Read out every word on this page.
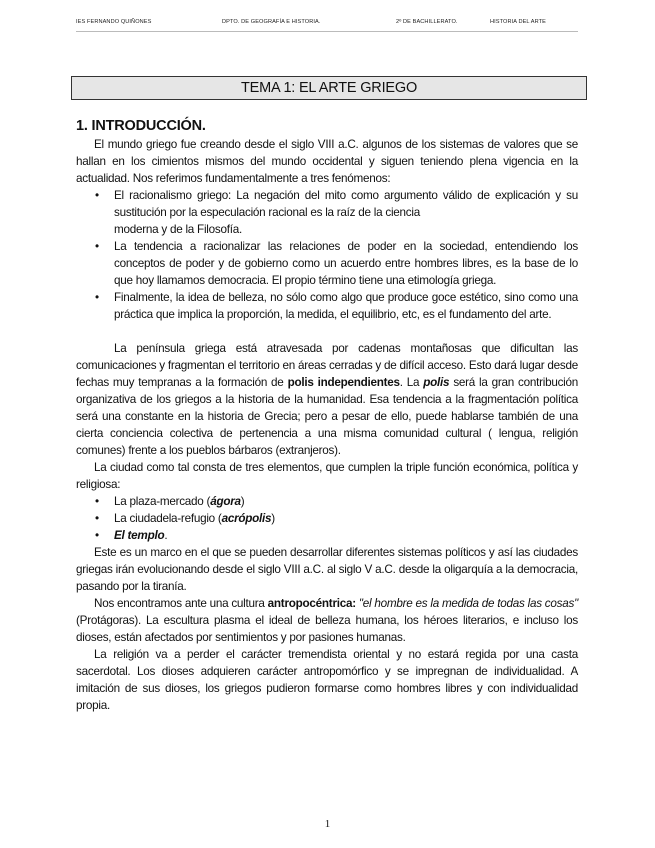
IES FERNANDO QUIÑONES	DPTO. DE GEOGRAFÍA E HISTORIA.	2º DE BACHILLERATO.	HISTORIA DEL ARTE
TEMA 1: EL ARTE GRIEGO
1. INTRODUCCIÓN.

El mundo griego fue creando desde el siglo VIII a.C. algunos de los sistemas de valores que se hallan en los cimientos mismos del mundo occidental y siguen teniendo plena vigencia en la actualidad. Nos referimos fundamentalmente a tres fenómenos:

• El racionalismo griego: La negación del mito como argumento válido de explicación y su sustitución por la especulación racional es la raíz de la ciencia
moderna y de la Filosofía.
• La tendencia a racionalizar las relaciones de poder en la sociedad, entendiendo los conceptos de poder y de gobierno como un acuerdo entre hombres libres, es la base de lo que hoy llamamos democracia. El propio término tiene una etimología griega.
• Finalmente, la idea de belleza, no sólo como algo que produce goce estético, sino como una práctica que implica la proporción, la medida, el equilibrio, etc, es el fundamento del arte.

La península griega está atravesada por cadenas montañosas que dificultan las comunicaciones y fragmentan el territorio en áreas cerradas y de difícil acceso. Esto dará lugar desde fechas muy tempranas a la formación de polis independientes. La polis será la gran contribución organizativa de los griegos a la historia de la humanidad. Esa tendencia a la fragmentación política será una constante en la historia de Grecia; pero a pesar de ello, puede hablarse también de una cierta conciencia colectiva de pertenencia a una misma comunidad cultural ( lengua, religión comunes) frente a los pueblos bárbaros (extranjeros).

La ciudad como tal consta de tres elementos, que cumplen la triple función económica, política y religiosa:

• La plaza-mercado (ágora)
• La ciudadela-refugio (acrópolis)
• El templo.

Este es un marco en el que se pueden desarrollar diferentes sistemas políticos y así las ciudades griegas irán evolucionando desde el siglo VIII a.C. al siglo V a.C. desde la oligarquía a la democracia, pasando por la tiranía.

Nos encontramos ante una cultura antropocéntrica: "el hombre es la medida de todas las cosas" (Protágoras). La escultura plasma el ideal de belleza humana, los héroes literarios, e incluso los dioses, están afectados por sentimientos y por pasiones humanas.

La religión va a perder el carácter tremendista oriental y no estará regida por una casta sacerdotal. Los dioses adquieren carácter antropomórfico y se impregnan de individualidad. A imitación de sus dioses, los griegos pudieron formarse como hombres libres y con individualidad propia.

1
